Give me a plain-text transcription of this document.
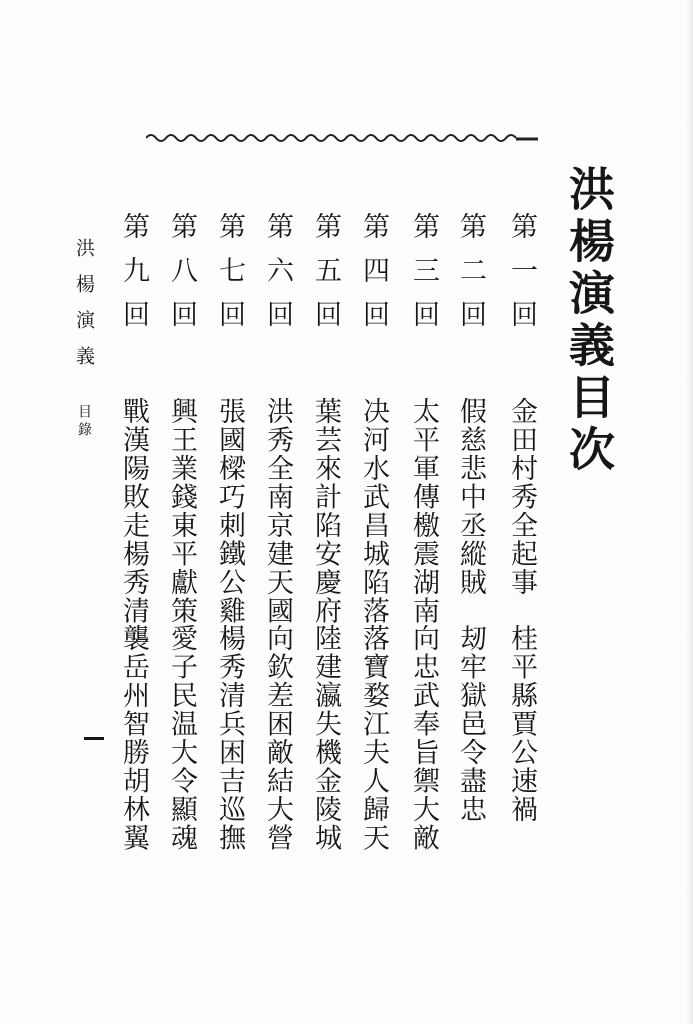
洪楊演義目次
第一回
金田村秀全起事
桂平縣賈公速禍
第二回
假慈悲中丞縱賊
刼牢獄邑令盡忠
第三回
太平軍傳檄震湖南
向忠武奉旨禦大敵
第四回
决河水武昌城陷落
落寶婺江夫人歸天
第五回
葉芸來計陷安慶府
陸建瀛失機金陵城
第六回
洪秀全南京建天國
向欽差困敵結大營
第七回
張國樑巧刺鐵公雞
楊秀清兵困吉巡撫
第八回
興王業錢東平獻策
愛子民温大令顯魂
第九回
戰漢陽敗走楊秀清
襲岳州智勝胡林翼
洪楊演義
目錄
